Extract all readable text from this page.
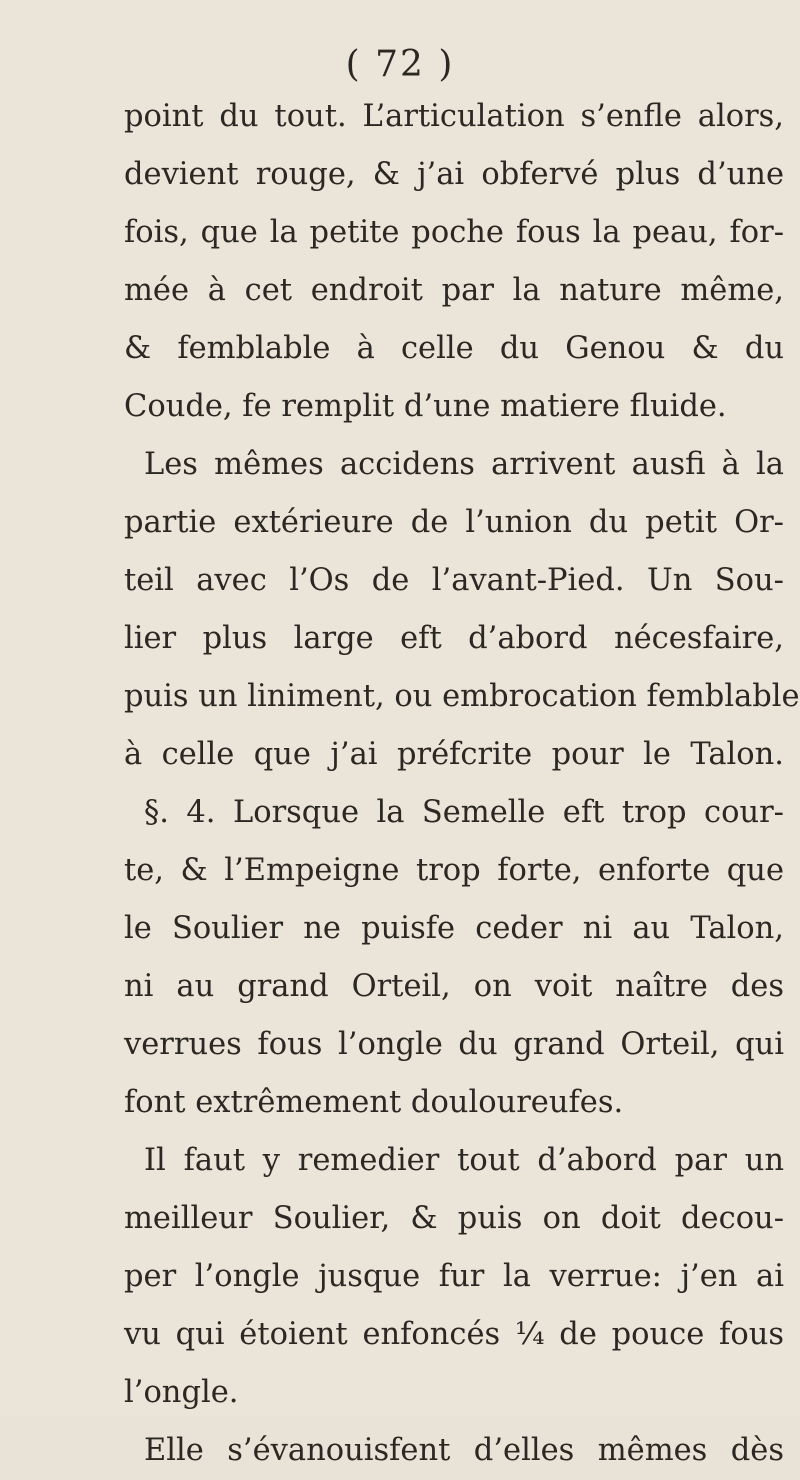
( 72 )
point du tout. L’articulation s’enfle alors,
devient rouge, & j’ai obfervé plus d’une
fois, que la petite poche fous la peau, for-
mée à cet endroit par la nature même,
& femblable à celle du Genou & du
Coude, fe remplit d’une matiere fluide.
Les mêmes accidens arrivent ausfi à la
partie extérieure de l’union du petit Or-
teil avec l’Os de l’avant-Pied. Un Sou-
lier plus large eft d’abord nécesfaire,
puis un liniment, ou embrocation femblable
à celle que j’ai préfcrite pour le Talon.
§. 4. Lorsque la Semelle eft trop cour-
te, & l’Empeigne trop forte, enforte que
le Soulier ne puisfe ceder ni au Talon,
ni au grand Orteil, on voit naître des
verrues fous l’ongle du grand Orteil, qui
font extrêmement douloureufes.
Il faut y remedier tout d’abord par un
meilleur Soulier, & puis on doit decou-
per l’ongle jusque fur la verrue: j’en ai
vu qui étoient enfoncés ¼ de pouce fous
l’ongle.
Elle s’évanouisfent d’elles mêmes dès
